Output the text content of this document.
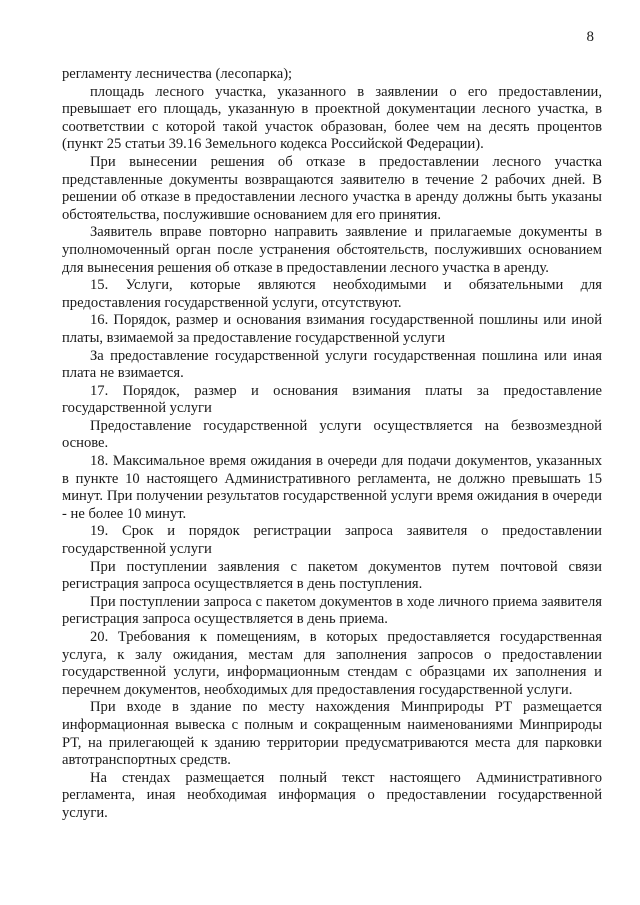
8

регламенту лесничества (лесопарка);

площадь лесного участка, указанного в заявлении о его предоставлении, превышает его площадь, указанную в проектной документации лесного участка, в соответствии с которой такой участок образован, более чем на десять процентов (пункт 25 статьи 39.16 Земельного кодекса Российской Федерации).

При вынесении решения об отказе в предоставлении лесного участка представленные документы возвращаются заявителю в течение 2 рабочих дней. В решении об отказе в предоставлении лесного участка в аренду должны быть указаны обстоятельства, послужившие основанием для его принятия.

Заявитель вправе повторно направить заявление и прилагаемые документы в уполномоченный орган после устранения обстоятельств, послуживших основанием для вынесения решения об отказе в предоставлении лесного участка в аренду.

15. Услуги, которые являются необходимыми и обязательными для предоставления государственной услуги, отсутствуют.

16. Порядок, размер и основания взимания государственной пошлины или иной платы, взимаемой за предоставление государственной услуги

За предоставление государственной услуги государственная пошлина или иная плата не взимается.

17. Порядок, размер и основания взимания платы за предоставление государственной услуги

Предоставление государственной услуги осуществляется на безвозмездной основе.

18. Максимальное время ожидания в очереди для подачи документов, указанных в пункте 10 настоящего Административного регламента, не должно превышать 15 минут. При получении результатов государственной услуги время ожидания в очереди - не более 10 минут.

19. Срок и порядок регистрации запроса заявителя о предоставлении государственной услуги

При поступлении заявления с пакетом документов путем почтовой связи регистрация запроса осуществляется в день поступления.

При поступлении запроса с пакетом документов в ходе личного приема заявителя регистрация запроса осуществляется в день приема.

20. Требования к помещениям, в которых предоставляется государственная услуга, к залу ожидания, местам для заполнения запросов о предоставлении государственной услуги, информационным стендам с образцами их заполнения и перечнем документов, необходимых для предоставления государственной услуги.

При входе в здание по месту нахождения Минприроды РТ размещается информационная вывеска с полным и сокращенным наименованиями Минприроды РТ, на прилегающей к зданию территории предусматриваются места для парковки автотранспортных средств.

На стендах размещается полный текст настоящего Административного регламента, иная необходимая информация о предоставлении государственной услуги.
